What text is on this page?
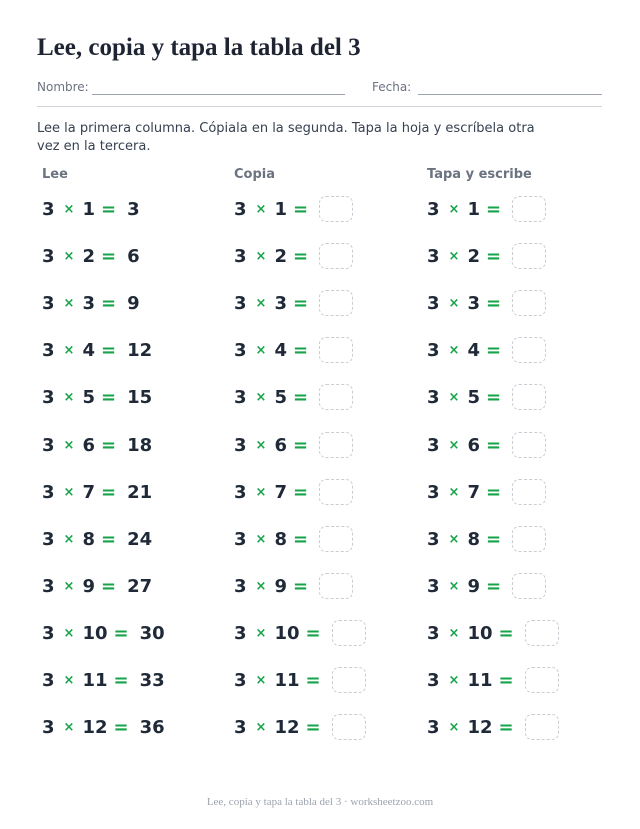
Lee, copia y tapa la tabla del 3
Nombre:	Fecha:
Lee la primera columna. Cópiala en la segunda. Tapa la hoja y escríbela otra vez en la tercera.
Lee	Copia	Tapa y escribe
3 × 1 = 3	3 × 1 =	3 × 1 =
3 × 2 = 6	3 × 2 =	3 × 2 =
3 × 3 = 9	3 × 3 =	3 × 3 =
3 × 4 = 12	3 × 4 =	3 × 4 =
3 × 5 = 15	3 × 5 =	3 × 5 =
3 × 6 = 18	3 × 6 =	3 × 6 =
3 × 7 = 21	3 × 7 =	3 × 7 =
3 × 8 = 24	3 × 8 =	3 × 8 =
3 × 9 = 27	3 × 9 =	3 × 9 =
3 × 10 = 30	3 × 10 =	3 × 10 =
3 × 11 = 33	3 × 11 =	3 × 11 =
3 × 12 = 36	3 × 12 =	3 × 12 =
Lee, copia y tapa la tabla del 3 · worksheetzoo.com
